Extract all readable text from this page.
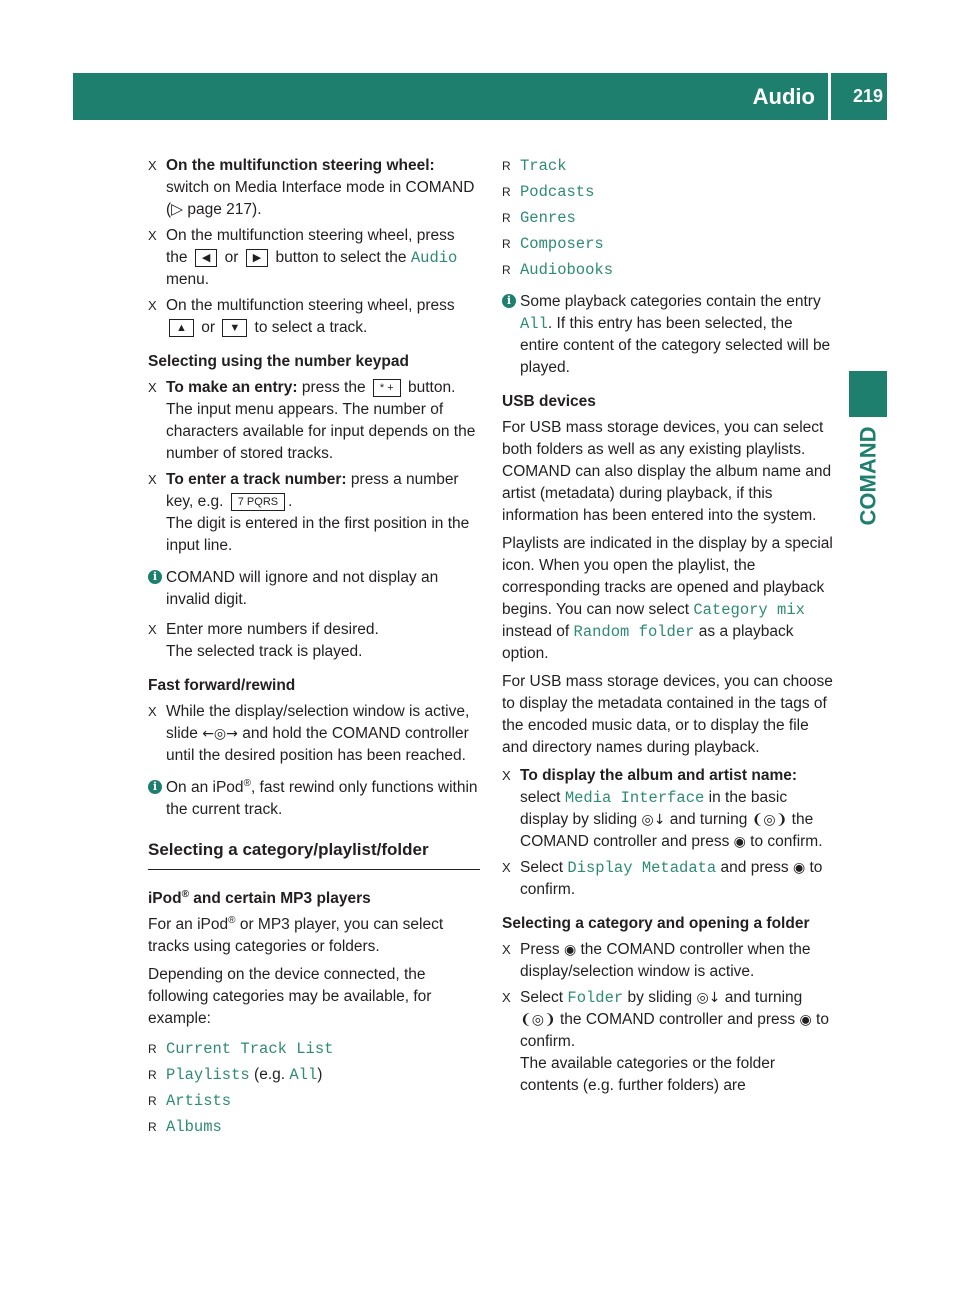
Audio 219
COMAND
X On the multifunction steering wheel: switch on Media Interface mode in COMAND (▷ page 217).
X On the multifunction steering wheel, press the ◀ or ▶ button to select the Audio menu.
X On the multifunction steering wheel, press ▲ or ▼ to select a track.

Selecting using the number keypad

X To make an entry: press the * + button.
The input menu appears. The number of characters available for input depends on the number of stored tracks.
X To enter a track number: press a number key, e.g. 7 PQRS .
The digit is entered in the first position in the input line.
i COMAND will ignore and not display an invalid digit.
X Enter more numbers if desired.
The selected track is played.

Fast forward/rewind

X While the display/selection window is active, slide ←◎→ and hold the COMAND controller until the desired position has been reached.
i On an iPod®, fast rewind only functions within the current track.

Selecting a category/playlist/folder

iPod® and certain MP3 players

For an iPod® or MP3 player, you can select tracks using categories or folders.

Depending on the device connected, the following categories may be available, for example:

R Current Track List
R Playlists (e.g. All)
R Artists
R Albums
R Track
R Podcasts
R Genres
R Composers
R Audiobooks
i Some playback categories contain the entry All. If this entry has been selected, the entire content of the category selected will be played.

USB devices

For USB mass storage devices, you can select both folders as well as any existing playlists. COMAND can also display the album name and artist (metadata) during playback, if this information has been entered into the system.

Playlists are indicated in the display by a special icon. When you open the playlist, the corresponding tracks are opened and playback begins. You can now select Category mix instead of Random folder as a playback option.

For USB mass storage devices, you can choose to display the metadata contained in the tags of the encoded music data, or to display the file and directory names during playback.

X To display the album and artist name: select Media Interface in the basic display by sliding ◎↓ and turning ❨◎❩ the COMAND controller and press ◉ to confirm.
X Select Display Metadata and press ◉ to confirm.

Selecting a category and opening a folder

X Press ◉ the COMAND controller when the display/selection window is active.
X Select Folder by sliding ◎↓ and turning ❨◎❩ the COMAND controller and press ◉ to confirm.
The available categories or the folder contents (e.g. further folders) are
